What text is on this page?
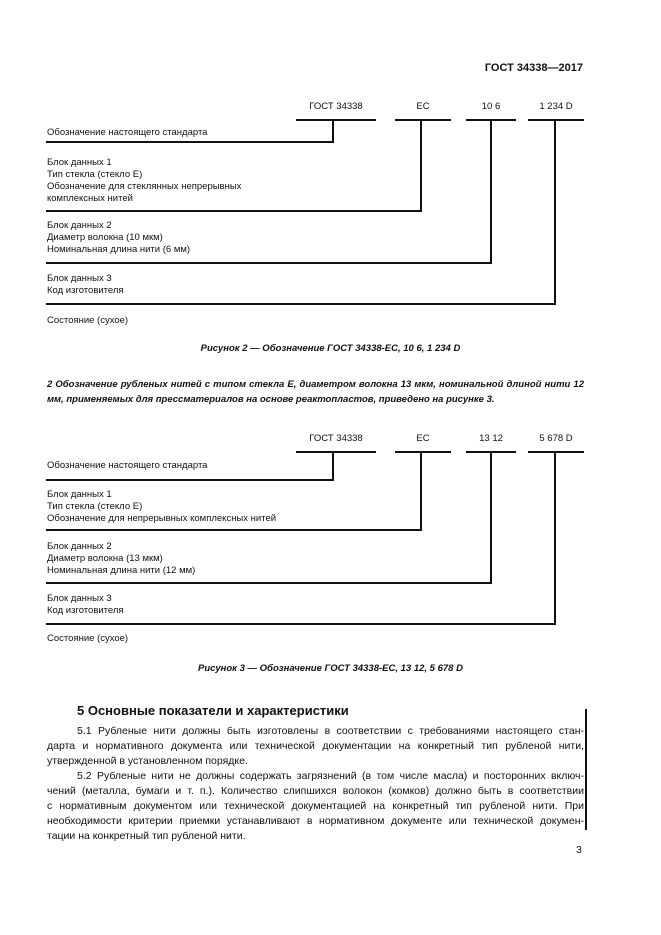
ГОСТ 34338—2017
ГОСТ 34338	ЕС	10 6	1 234 D
Обозначение настоящего стандарта
Блок данных 1
Тип стекла (стекло Е)
Обозначение для стеклянных непрерывных
комплексных нитей
Блок данных 2
Диаметр волокна (10 мкм)
Номинальная длина нити (6 мм)
Блок данных 3
Код изготовителя
Состояние (сухое)
Рисунок 2 — Обозначение ГОСТ 34338-ЕС, 10 6, 1 234 D
2 Обозначение рубленых нитей с типом стекла Е, диаметром волокна 13 мкм, номинальной длиной нити 12 мм, применяемых для прессматериалов на основе реактопластов, приведено на рисунке 3.
ГОСТ 34338	ЕС	13 12	5 678 D
Обозначение настоящего стандарта
Блок данных 1
Тип стекла (стекло Е)
Обозначение для непрерывных комплексных нитей
Блок данных 2
Диаметр волокна (13 мкм)
Номинальная длина нити (12 мм)
Блок данных 3
Код изготовителя
Состояние (сухое)
Рисунок 3 — Обозначение ГОСТ 34338-ЕС, 13 12, 5 678 D
5 Основные показатели и характеристики
5.1 Рубленые нити должны быть изготовлены в соответствии с требованиями настоящего стан-
дарта и нормативного документа или технической документации на конкретный тип рубленой нити,
утвержденной в установленном порядке.
5.2 Рубленые нити не должны содержать загрязнений (в том числе масла) и посторонних включ-
чений (металла, бумаги и т. п.). Количество слипшихся волокон (комков) должно быть в соответствии
с нормативным документом или технической документацией на конкретный тип рубленой нити. При
необходимости критерии приемки устанавливают в нормативном документе или технической докумен-
тации на конкретный тип рубленой нити.
3
